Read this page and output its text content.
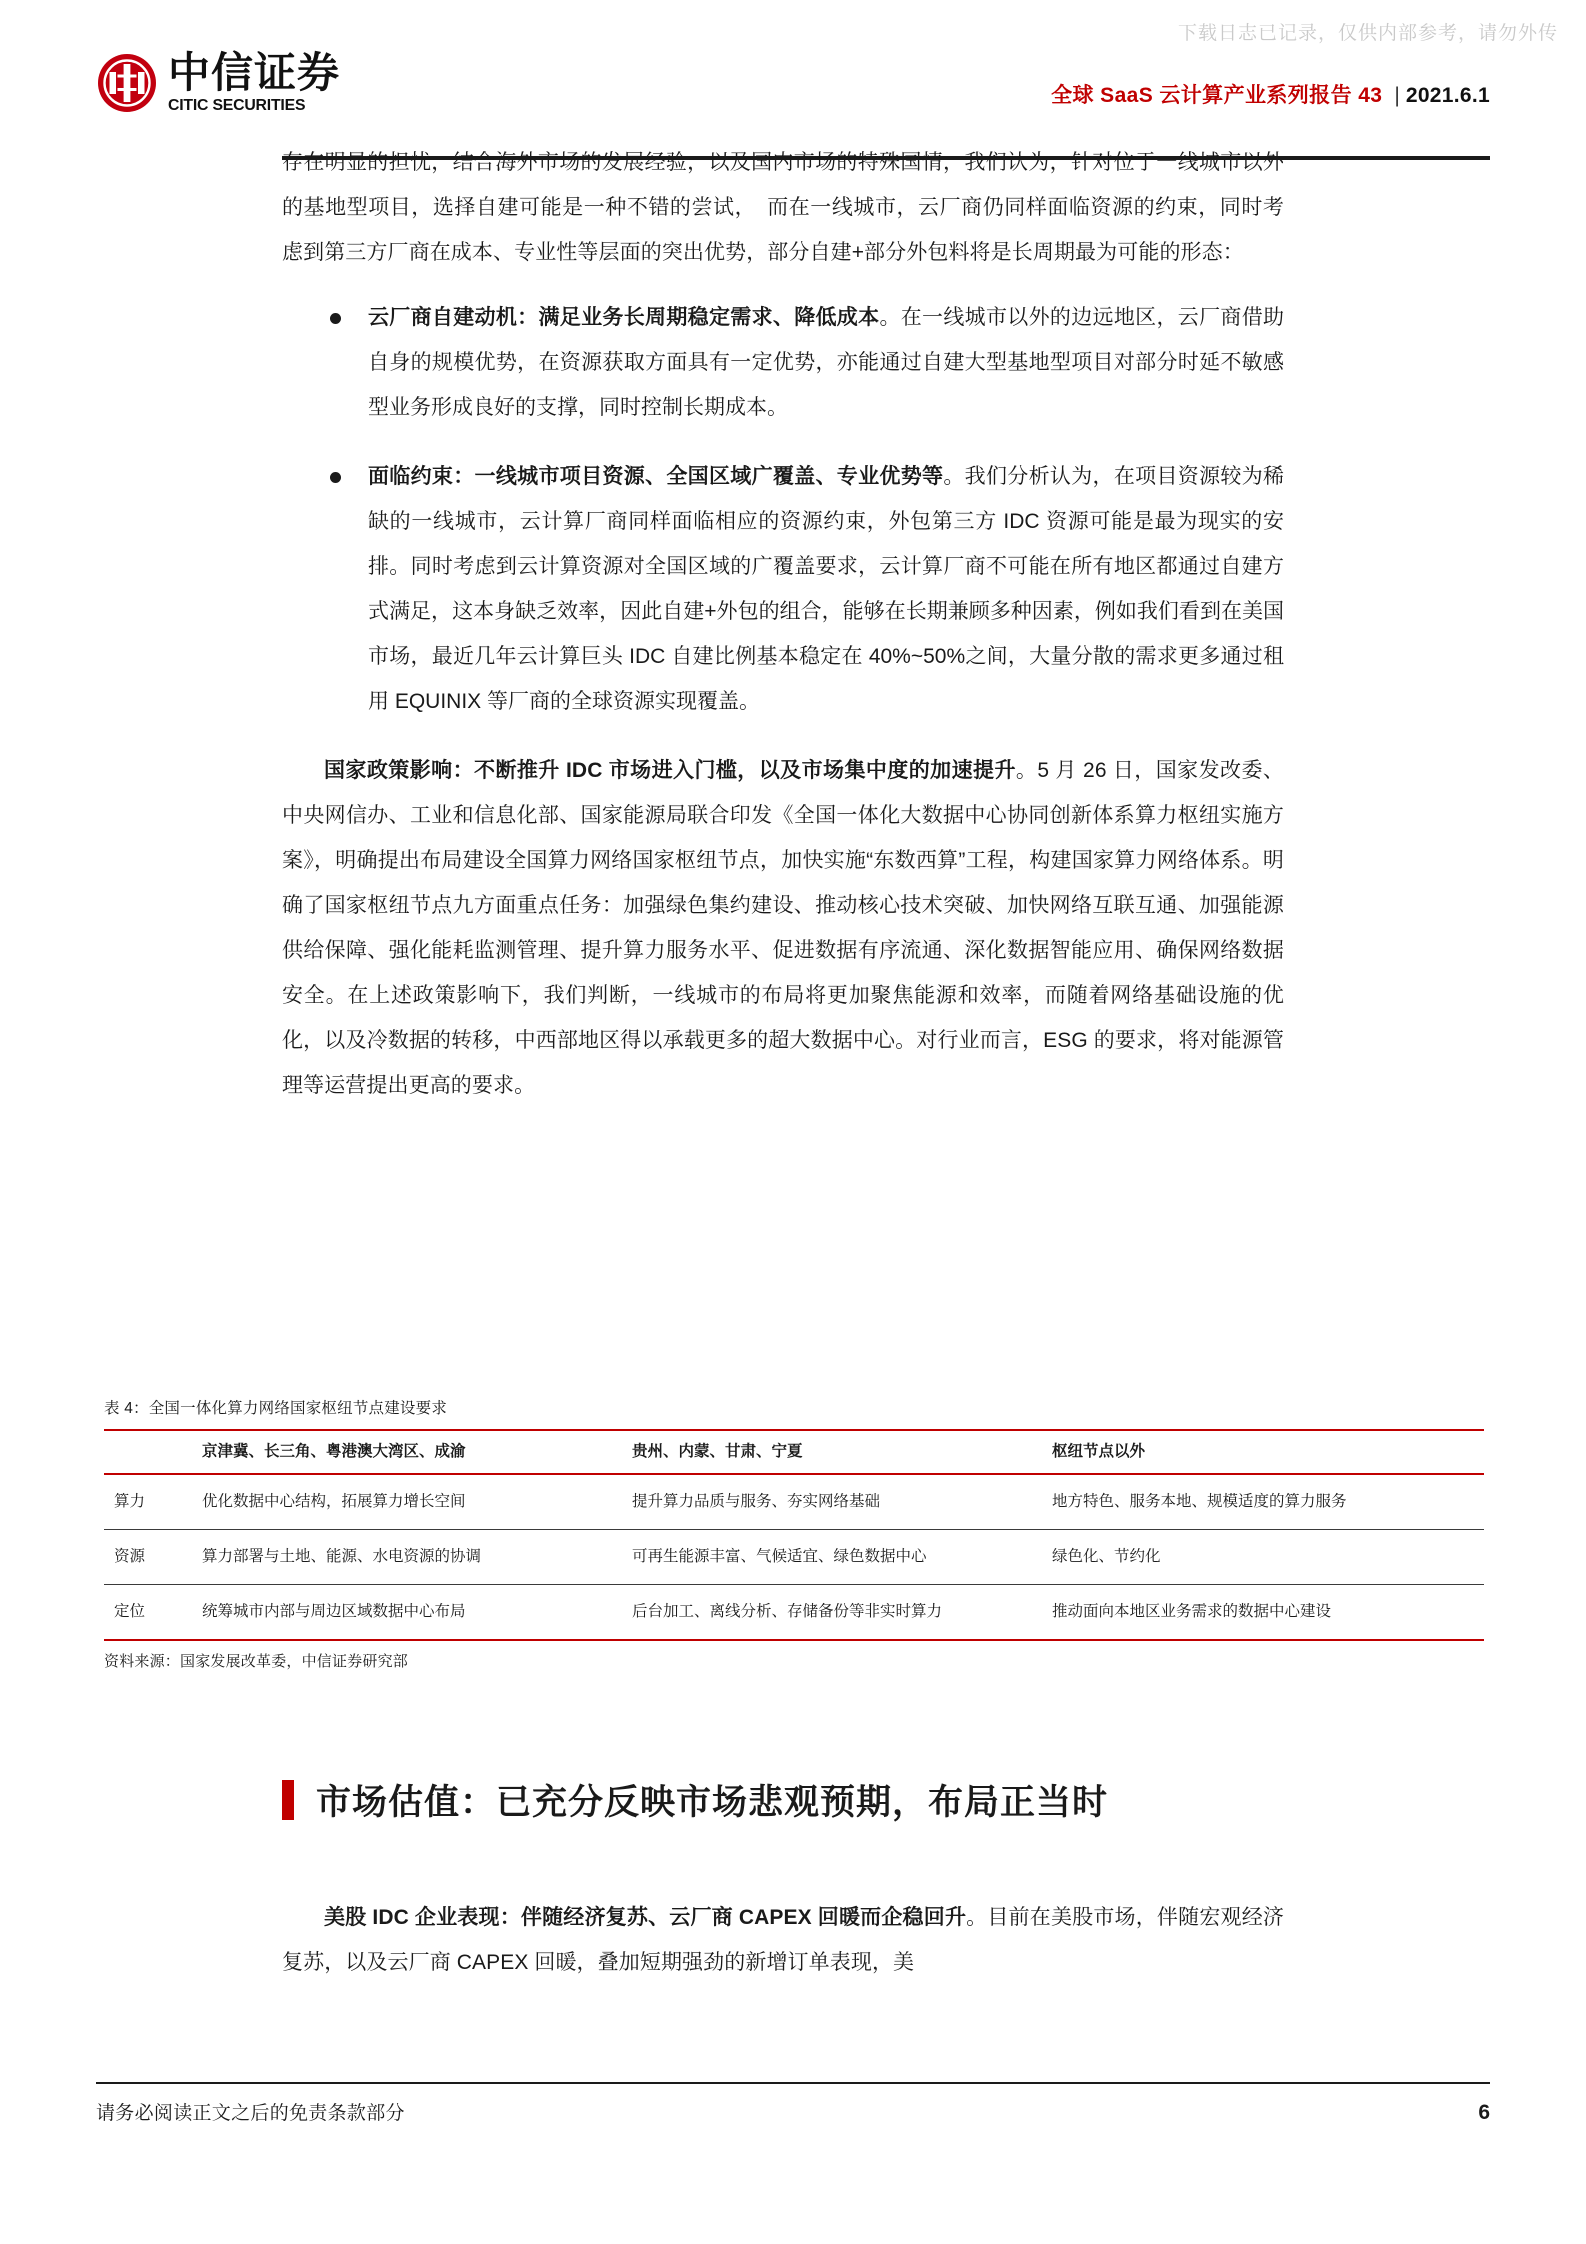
下载日志已记录，仅供内部参考，请勿外传
中信证券
CITIC SECURITIES	全球 SaaS 云计算产业系列报告 43 | 2021.6.1

存在明显的担忧，结合海外市场的发展经验，以及国内市场的特殊国情，我们认为，针对位于一线城市以外的基地型项目，选择自建可能是一种不错的尝试，　而在一线城市，云厂商仍同样面临资源的约束，同时考虑到第三方厂商在成本、专业性等层面的突出优势，部分自建+部分外包料将是长周期最为可能的形态：

云厂商自建动机：满足业务长周期稳定需求、降低成本。在一线城市以外的边远地区，云厂商借助自身的规模优势，在资源获取方面具有一定优势，亦能通过自建大型基地型项目对部分时延不敏感型业务形成良好的支撑，同时控制长期成本。
面临约束：一线城市项目资源、全国区域广覆盖、专业优势等。我们分析认为，在项目资源较为稀缺的一线城市，云计算厂商同样面临相应的资源约束，外包第三方 IDC 资源可能是最为现实的安排。同时考虑到云计算资源对全国区域的广覆盖要求，云计算厂商不可能在所有地区都通过自建方式满足，这本身缺乏效率，因此自建+外包的组合，能够在长期兼顾多种因素，例如我们看到在美国市场，最近几年云计算巨头 IDC 自建比例基本稳定在 40%~50%之间，大量分散的需求更多通过租用 EQUINIX 等厂商的全球资源实现覆盖。

国家政策影响：不断推升 IDC 市场进入门槛，以及市场集中度的加速提升。5 月 26 日，国家发改委、中央网信办、工业和信息化部、国家能源局联合印发《全国一体化大数据中心协同创新体系算力枢纽实施方案》，明确提出布局建设全国算力网络国家枢纽节点，加快实施“东数西算”工程，构建国家算力网络体系。明确了国家枢纽节点九方面重点任务：加强绿色集约建设、推动核心技术突破、加快网络互联互通、加强能源供给保障、强化能耗监测管理、提升算力服务水平、促进数据有序流通、深化数据智能应用、确保网络数据安全。在上述政策影响下，我们判断，一线城市的布局将更加聚焦能源和效率，而随着网络基础设施的优化，以及冷数据的转移，中西部地区得以承载更多的超大数据中心。对行业而言，ESG 的要求，将对能源管理等运营提出更高的要求。

表 4：全国一体化算力网络国家枢纽节点建设要求
	京津冀、长三角、粤港澳大湾区、成渝	贵州、内蒙、甘肃、宁夏	枢纽节点以外
算力	优化数据中心结构，拓展算力增长空间	提升算力品质与服务、夯实网络基础	地方特色、服务本地、规模适度的算力服务
资源	算力部署与土地、能源、水电资源的协调	可再生能源丰富、气候适宜、绿色数据中心	绿色化、节约化
定位	统筹城市内部与周边区域数据中心布局	后台加工、离线分析、存储备份等非实时算力	推动面向本地区业务需求的数据中心建设
资料来源：国家发展改革委，中信证券研究部
市场估值：已充分反映市场悲观预期，布局正当时

美股 IDC 企业表现：伴随经济复苏、云厂商 CAPEX 回暖而企稳回升。目前在美股市场，伴随宏观经济复苏，以及云厂商 CAPEX 回暖，叠加短期强劲的新增订单表现，美

请务必阅读正文之后的免责条款部分	6
